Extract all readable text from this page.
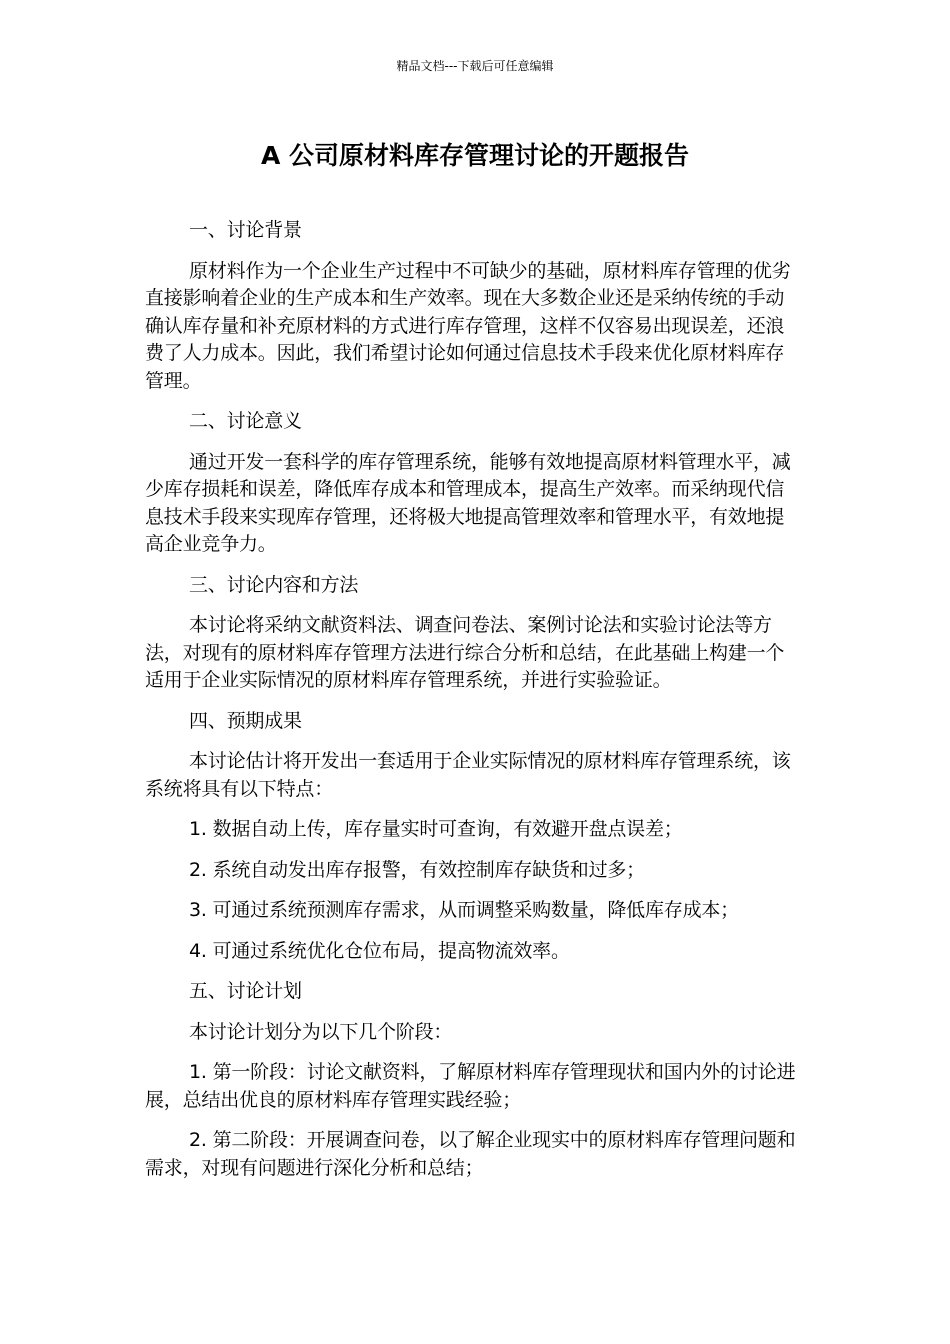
精品文档---下载后可任意编辑
A 公司原材料库存管理讨论的开题报告

一、讨论背景

原材料作为一个企业生产过程中不可缺少的基础，原材料库存管理的优劣直接影响着企业的生产成本和生产效率。现在大多数企业还是采纳传统的手动确认库存量和补充原材料的方式进行库存管理，这样不仅容易出现误差，还浪费了人力成本。因此，我们希望讨论如何通过信息技术手段来优化原材料库存管理。

二、讨论意义

通过开发一套科学的库存管理系统，能够有效地提高原材料管理水平，减少库存损耗和误差，降低库存成本和管理成本，提高生产效率。而采纳现代信息技术手段来实现库存管理，还将极大地提高管理效率和管理水平，有效地提高企业竞争力。

三、讨论内容和方法

本讨论将采纳文献资料法、调查问卷法、案例讨论法和实验讨论法等方法，对现有的原材料库存管理方法进行综合分析和总结，在此基础上构建一个适用于企业实际情况的原材料库存管理系统，并进行实验验证。

四、预期成果

本讨论估计将开发出一套适用于企业实际情况的原材料库存管理系统，该系统将具有以下特点：

1. 数据自动上传，库存量实时可查询，有效避开盘点误差；

2. 系统自动发出库存报警，有效控制库存缺货和过多；

3. 可通过系统预测库存需求，从而调整采购数量，降低库存成本；

4. 可通过系统优化仓位布局，提高物流效率。

五、讨论计划

本讨论计划分为以下几个阶段：

1. 第一阶段：讨论文献资料，了解原材料库存管理现状和国内外的讨论进展，总结出优良的原材料库存管理实践经验；

2. 第二阶段：开展调查问卷，以了解企业现实中的原材料库存管理问题和需求，对现有问题进行深化分析和总结；
